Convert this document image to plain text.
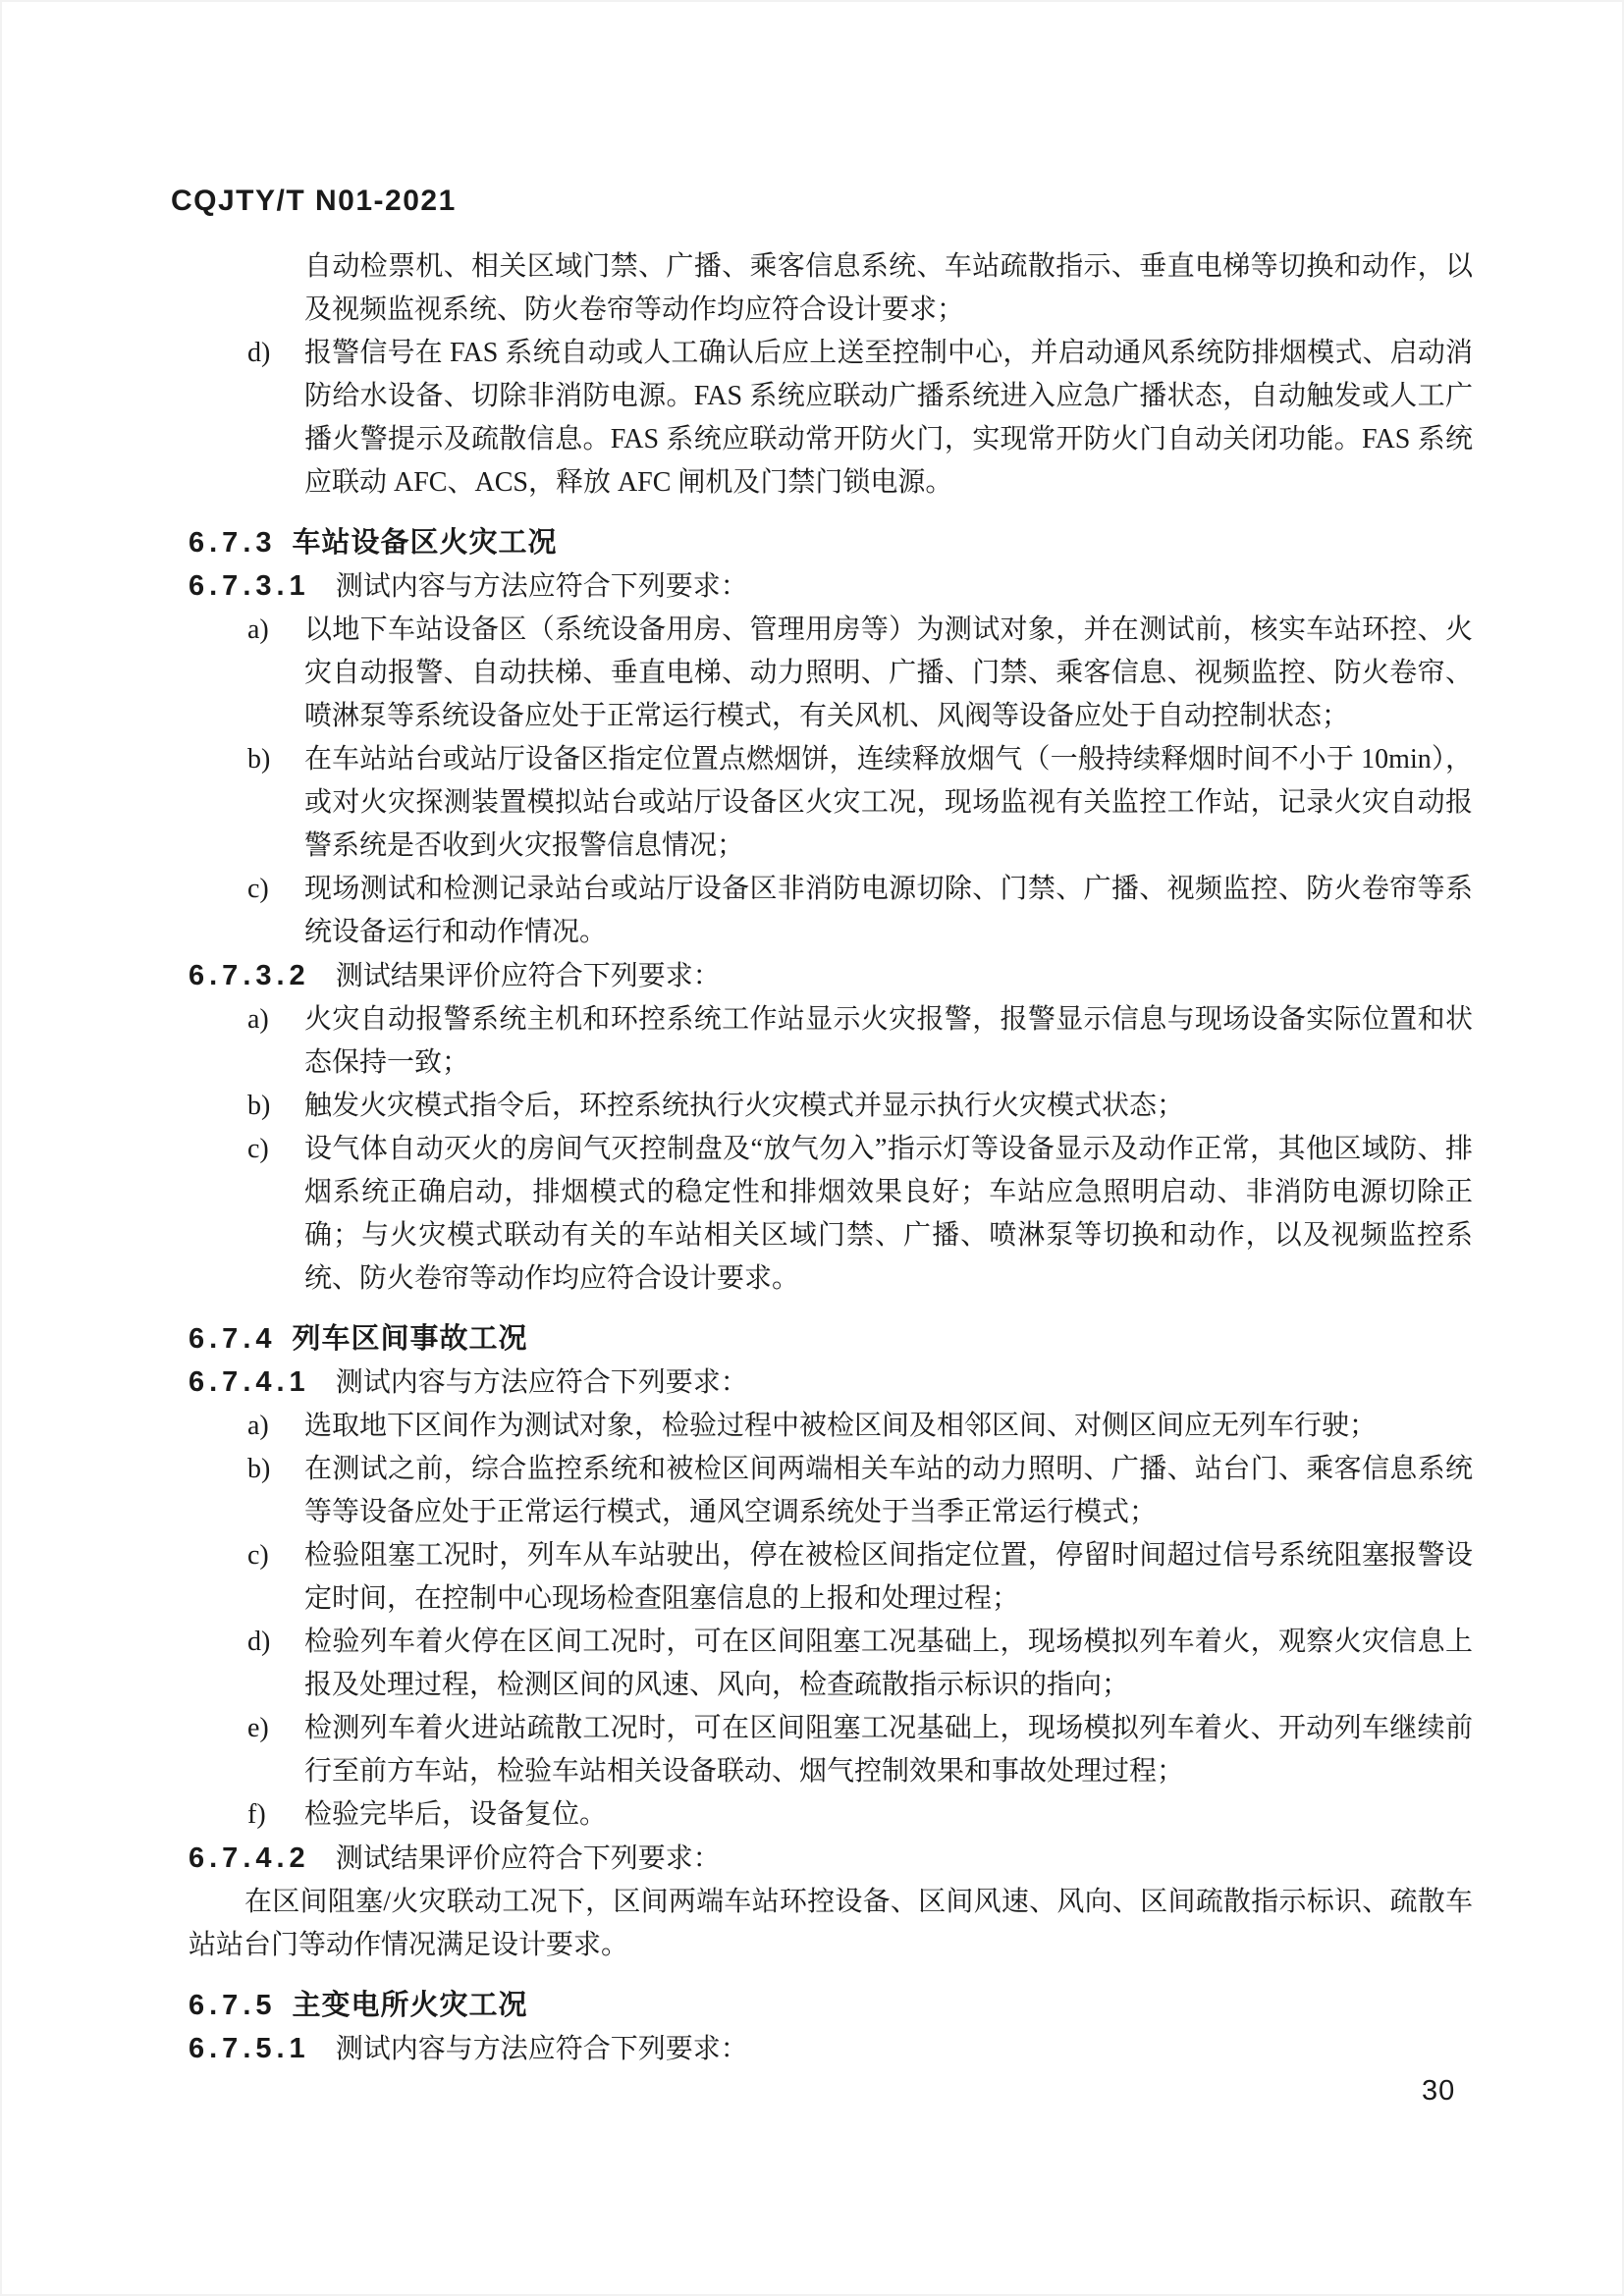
CQJTY/T N01-2021
自动检票机、相关区域门禁、广播、乘客信息系统、车站疏散指示、垂直电梯等切换和动作，以及视频监视系统、防火卷帘等动作均应符合设计要求；
d)	报警信号在 FAS 系统自动或人工确认后应上送至控制中心，并启动通风系统防排烟模式、启动消防给水设备、切除非消防电源。FAS 系统应联动广播系统进入应急广播状态，自动触发或人工广播火警提示及疏散信息。FAS 系统应联动常开防火门，实现常开防火门自动关闭功能。FAS 系统应联动 AFC、ACS，释放 AFC 闸机及门禁门锁电源。
6.7.3 车站设备区火灾工况
6.7.3.1 测试内容与方法应符合下列要求：
a)	以地下车站设备区（系统设备用房、管理用房等）为测试对象，并在测试前，核实车站环控、火灾自动报警、自动扶梯、垂直电梯、动力照明、广播、门禁、乘客信息、视频监控、防火卷帘、喷淋泵等系统设备应处于正常运行模式，有关风机、风阀等设备应处于自动控制状态；
b)	在车站站台或站厅设备区指定位置点燃烟饼，连续释放烟气（一般持续释烟时间不小于 10min），或对火灾探测装置模拟站台或站厅设备区火灾工况，现场监视有关监控工作站，记录火灾自动报警系统是否收到火灾报警信息情况；
c)	现场测试和检测记录站台或站厅设备区非消防电源切除、门禁、广播、视频监控、防火卷帘等系统设备运行和动作情况。
6.7.3.2 测试结果评价应符合下列要求：
a)	火灾自动报警系统主机和环控系统工作站显示火灾报警，报警显示信息与现场设备实际位置和状态保持一致；
b)	触发火灾模式指令后，环控系统执行火灾模式并显示执行火灾模式状态；
c)	设气体自动灭火的房间气灭控制盘及“放气勿入”指示灯等设备显示及动作正常，其他区域防、排烟系统正确启动，排烟模式的稳定性和排烟效果良好；车站应急照明启动、非消防电源切除正确；与火灾模式联动有关的车站相关区域门禁、广播、喷淋泵等切换和动作，以及视频监控系统、防火卷帘等动作均应符合设计要求。
6.7.4 列车区间事故工况
6.7.4.1 测试内容与方法应符合下列要求：
a)	选取地下区间作为测试对象，检验过程中被检区间及相邻区间、对侧区间应无列车行驶；
b)	在测试之前，综合监控系统和被检区间两端相关车站的动力照明、广播、站台门、乘客信息系统等等设备应处于正常运行模式，通风空调系统处于当季正常运行模式；
c)	检验阻塞工况时，列车从车站驶出，停在被检区间指定位置，停留时间超过信号系统阻塞报警设定时间，在控制中心现场检查阻塞信息的上报和处理过程；
d)	检验列车着火停在区间工况时，可在区间阻塞工况基础上，现场模拟列车着火，观察火灾信息上报及处理过程，检测区间的风速、风向，检查疏散指示标识的指向；
e)	检测列车着火进站疏散工况时，可在区间阻塞工况基础上，现场模拟列车着火、开动列车继续前行至前方车站，检验车站相关设备联动、烟气控制效果和事故处理过程；
f)	检验完毕后，设备复位。
6.7.4.2 测试结果评价应符合下列要求：
在区间阻塞/火灾联动工况下，区间两端车站环控设备、区间风速、风向、区间疏散指示标识、疏散车站站台门等动作情况满足设计要求。
6.7.5 主变电所火灾工况
6.7.5.1 测试内容与方法应符合下列要求：
30
